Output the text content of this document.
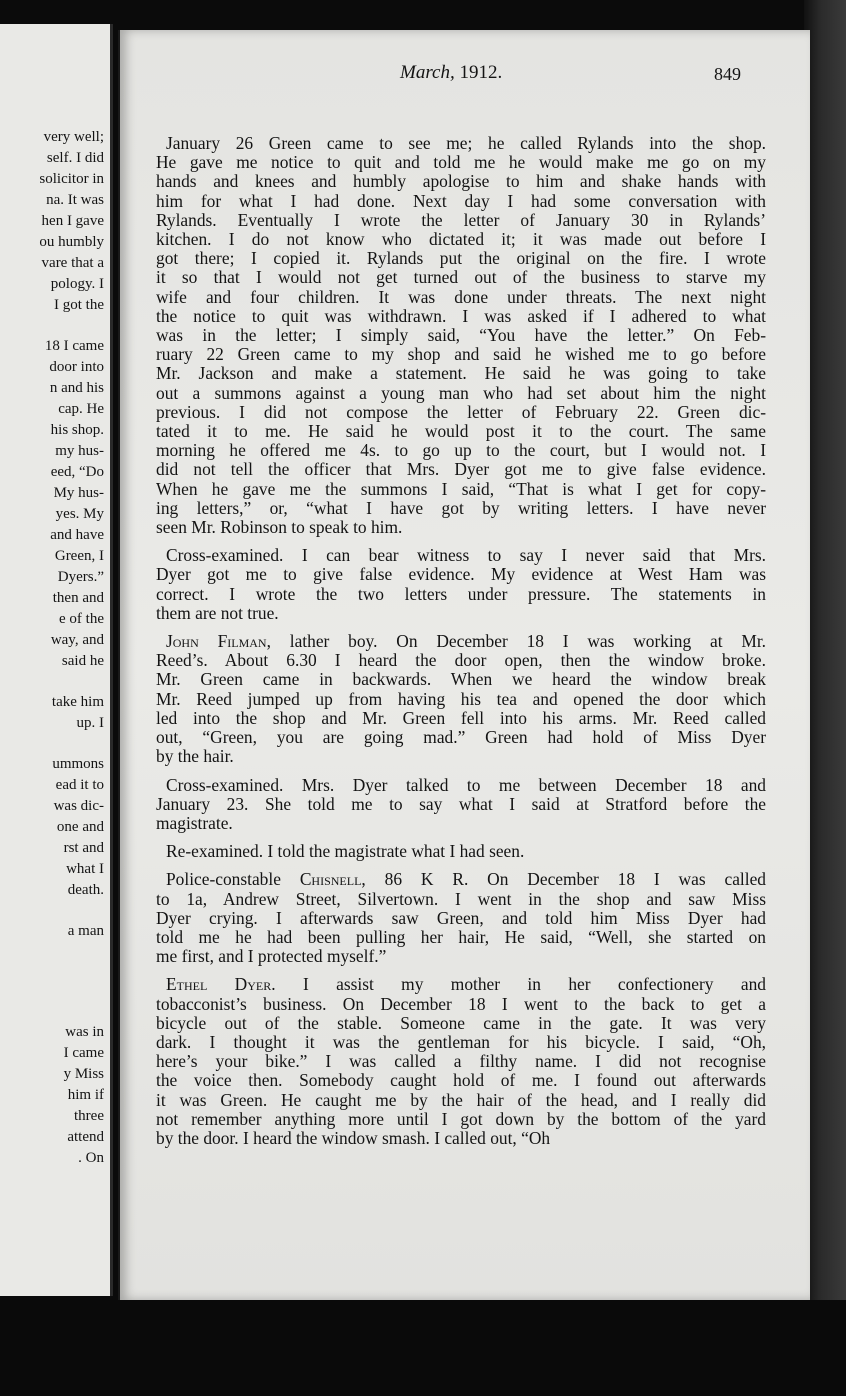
very well;
self. I did
solicitor in
na. It was
hen I gave
ou humbly
vare that a
pology. I
I got the
18 I came
door into
n and his
cap. He
his shop.
my hus-
eed, “Do
My hus-
yes. My
and have
Green, I
Dyers.”
then and
e of the
way, and
said he
take him
up. I
ummons
ead it to
was dic-
one and
rst and
what I
death.
a man
was in
I came
y Miss
him if
three
attend
. On
March, 1912.	849
January 26 Green came to see me; he called Rylands into the shop.
He gave me notice to quit and told me he would make me go on my
hands and knees and humbly apologise to him and shake hands with
him for what I had done. Next day I had some conversation with
Rylands. Eventually I wrote the letter of January 30 in Rylands’
kitchen. I do not know who dictated it; it was made out before I
got there; I copied it. Rylands put the original on the fire. I wrote
it so that I would not get turned out of the business to starve my
wife and four children. It was done under threats. The next night
the notice to quit was withdrawn. I was asked if I adhered to what
was in the letter; I simply said, “You have the letter.” On Feb-
ruary 22 Green came to my shop and said he wished me to go before
Mr. Jackson and make a statement. He said he was going to take
out a summons against a young man who had set about him the night
previous. I did not compose the letter of February 22. Green dic-
tated it to me. He said he would post it to the court. The same
morning he offered me 4s. to go up to the court, but I would not. I
did not tell the officer that Mrs. Dyer got me to give false evidence.
When he gave me the summons I said, “That is what I get for copy-
ing letters,” or, “what I have got by writing letters. I have never
seen Mr. Robinson to speak to him.
Cross-examined. I can bear witness to say I never said that Mrs.
Dyer got me to give false evidence. My evidence at West Ham was
correct. I wrote the two letters under pressure. The statements in
them are not true.
John Filman, lather boy. On December 18 I was working at Mr.
Reed’s. About 6.30 I heard the door open, then the window broke.
Mr. Green came in backwards. When we heard the window break
Mr. Reed jumped up from having his tea and opened the door which
led into the shop and Mr. Green fell into his arms. Mr. Reed called
out, “Green, you are going mad.” Green had hold of Miss Dyer
by the hair.
Cross-examined. Mrs. Dyer talked to me between December 18 and
January 23. She told me to say what I said at Stratford before the
magistrate.
Re-examined. I told the magistrate what I had seen.
Police-constable Chisnell, 86 K R. On December 18 I was called
to 1a, Andrew Street, Silvertown. I went in the shop and saw Miss
Dyer crying. I afterwards saw Green, and told him Miss Dyer had
told me he had been pulling her hair, He said, “Well, she started on
me first, and I protected myself.”
Ethel Dyer. I assist my mother in her confectionery and
tobacconist’s business. On December 18 I went to the back to get a
bicycle out of the stable. Someone came in the gate. It was very
dark. I thought it was the gentleman for his bicycle. I said, “Oh,
here’s your bike.” I was called a filthy name. I did not recognise
the voice then. Somebody caught hold of me. I found out afterwards
it was Green. He caught me by the hair of the head, and I really did
not remember anything more until I got down by the bottom of the yard
by the door. I heard the window smash. I called out, “Oh
